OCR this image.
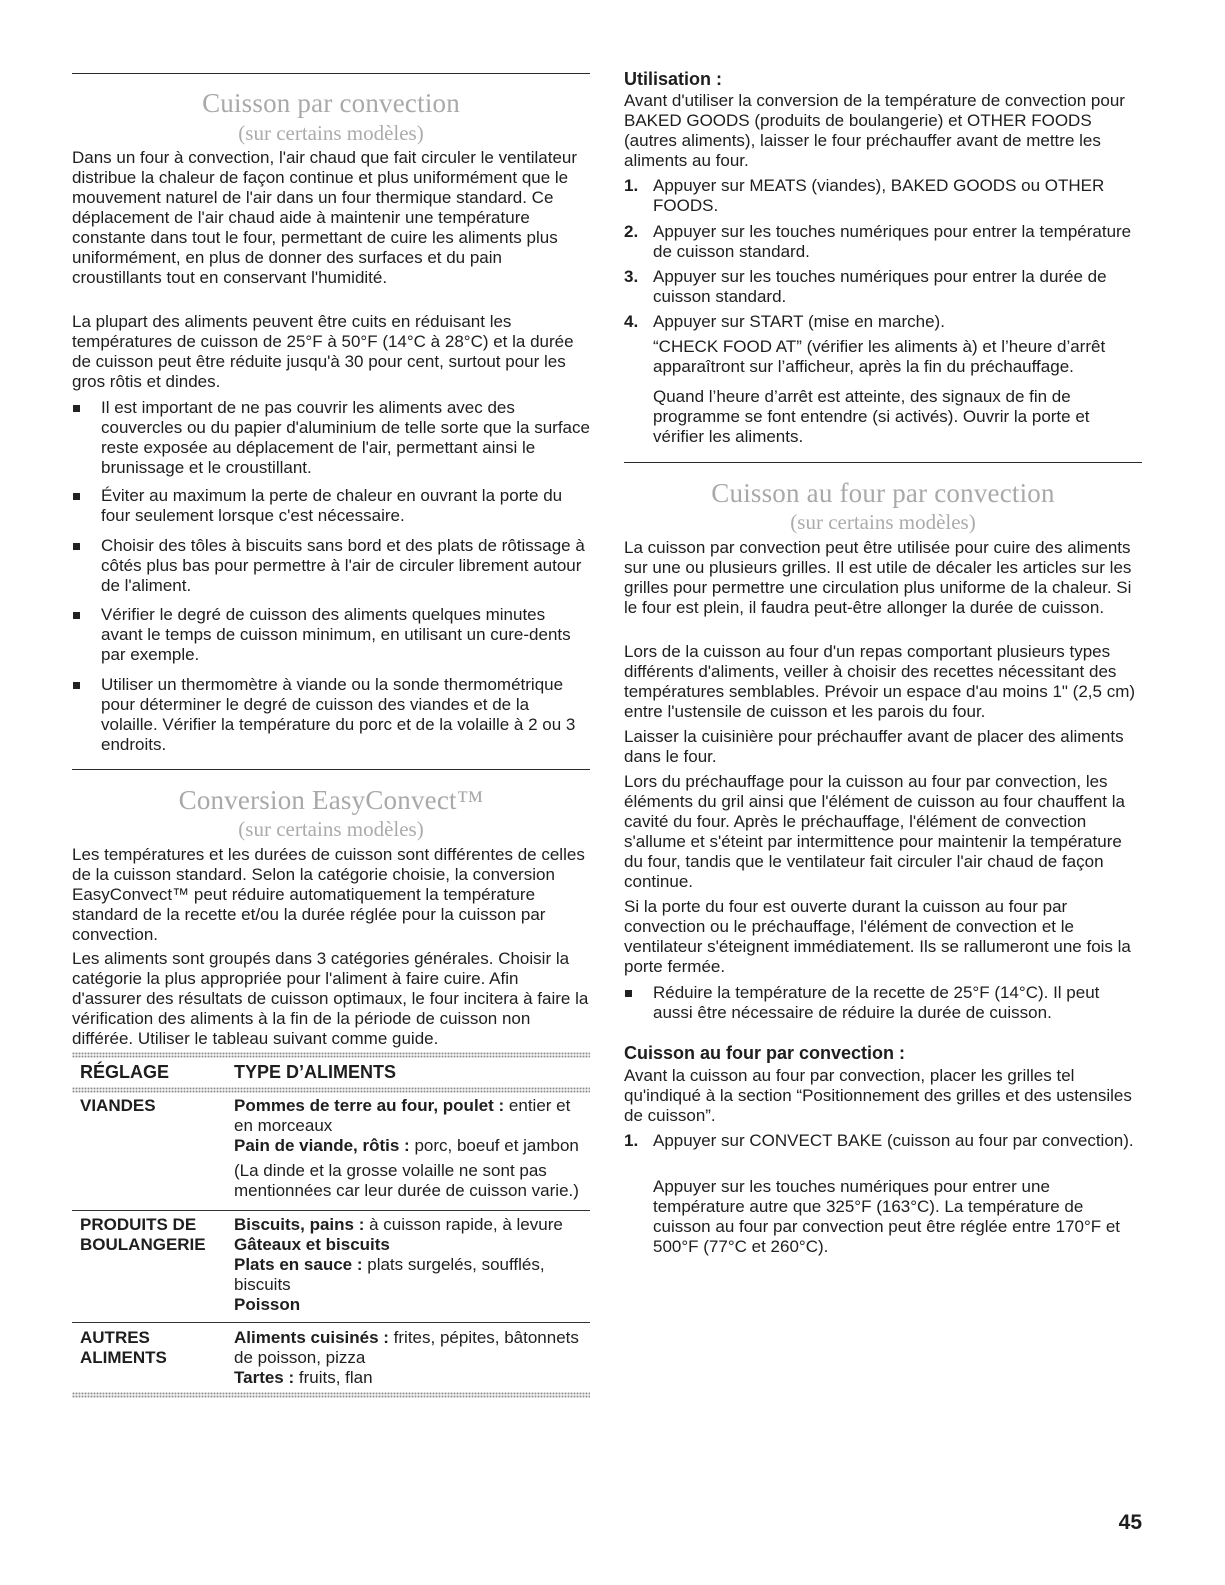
Cuisson par convection
(sur certains modèles)

Dans un four à convection, l'air chaud que fait circuler le ventilateur distribue la chaleur de façon continue et plus uniformément que le mouvement naturel de l'air dans un four thermique standard. Ce déplacement de l'air chaud aide à maintenir une température constante dans tout le four, permettant de cuire les aliments plus uniformément, en plus de donner des surfaces et du pain croustillants tout en conservant l'humidité.

La plupart des aliments peuvent être cuits en réduisant les températures de cuisson de 25°F à 50°F (14°C à 28°C) et la durée de cuisson peut être réduite jusqu'à 30 pour cent, surtout pour les gros rôtis et dindes.

Il est important de ne pas couvrir les aliments avec des couvercles ou du papier d'aluminium de telle sorte que la surface reste exposée au déplacement de l'air, permettant ainsi le brunissage et le croustillant.
Éviter au maximum la perte de chaleur en ouvrant la porte du four seulement lorsque c'est nécessaire.
Choisir des tôles à biscuits sans bord et des plats de rôtissage à côtés plus bas pour permettre à l'air de circuler librement autour de l'aliment.
Vérifier le degré de cuisson des aliments quelques minutes avant le temps de cuisson minimum, en utilisant un cure-dents par exemple.
Utiliser un thermomètre à viande ou la sonde thermométrique pour déterminer le degré de cuisson des viandes et de la volaille. Vérifier la température du porc et de la volaille à 2 ou 3 endroits.
Conversion EasyConvect™
(sur certains modèles)

Les températures et les durées de cuisson sont différentes de celles de la cuisson standard. Selon la catégorie choisie, la conversion EasyConvect™ peut réduire automatiquement la température standard de la recette et/ou la durée réglée pour la cuisson par convection.

Les aliments sont groupés dans 3 catégories générales. Choisir la catégorie la plus appropriée pour l'aliment à faire cuire. Afin d'assurer des résultats de cuisson optimaux, le four incitera à faire la vérification des aliments à la fin de la période de cuisson non différée. Utiliser le tableau suivant comme guide.

RÉGLAGE	TYPE D’ALIMENTS
VIANDES	Pommes de terre au four, poulet : entier et en morceaux
Pain de viande, rôtis : porc, boeuf et jambon
(La dinde et la grosse volaille ne sont pas mentionnées car leur durée de cuisson varie.)
PRODUITS DE BOULANGERIE
Biscuits, pains : à cuisson rapide, à levure
Gâteaux et biscuits
Plats en sauce : plats surgelés, soufflés, biscuits
Poisson
AUTRES ALIMENTS
Aliments cuisinés : frites, pépites, bâtonnets de poisson, pizza
Tartes : fruits, flan
Utilisation :

Avant d'utiliser la conversion de la température de convection pour BAKED GOODS (produits de boulangerie) et OTHER FOODS (autres aliments), laisser le four préchauffer avant de mettre les aliments au four.

1. Appuyer sur MEATS (viandes), BAKED GOODS ou OTHER FOODS.
2. Appuyer sur les touches numériques pour entrer la température de cuisson standard.
3. Appuyer sur les touches numériques pour entrer la durée de cuisson standard.
4. Appuyer sur START (mise en marche).

“CHECK FOOD AT” (vérifier les aliments à) et l’heure d’arrêt apparaîtront sur l’afficheur, après la fin du préchauffage.

Quand l’heure d’arrêt est atteinte, des signaux de fin de programme se font entendre (si activés). Ouvrir la porte et vérifier les aliments.

Cuisson au four par convection
(sur certains modèles)

La cuisson par convection peut être utilisée pour cuire des aliments sur une ou plusieurs grilles. Il est utile de décaler les articles sur les grilles pour permettre une circulation plus uniforme de la chaleur. Si le four est plein, il faudra peut-être allonger la durée de cuisson.

Lors de la cuisson au four d'un repas comportant plusieurs types différents d'aliments, veiller à choisir des recettes nécessitant des températures semblables. Prévoir un espace d'au moins 1" (2,5 cm) entre l'ustensile de cuisson et les parois du four.

Laisser la cuisinière pour préchauffer avant de placer des aliments dans le four.

Lors du préchauffage pour la cuisson au four par convection, les éléments du gril ainsi que l'élément de cuisson au four chauffent la cavité du four. Après le préchauffage, l'élément de convection s'allume et s'éteint par intermittence pour maintenir la température du four, tandis que le ventilateur fait circuler l'air chaud de façon continue.

Si la porte du four est ouverte durant la cuisson au four par convection ou le préchauffage, l'élément de convection et le ventilateur s'éteignent immédiatement. Ils se rallumeront une fois la porte fermée.

Réduire la température de la recette de 25°F (14°C). Il peut aussi être nécessaire de réduire la durée de cuisson.
Cuisson au four par convection :

Avant la cuisson au four par convection, placer les grilles tel qu'indiqué à la section “Positionnement des grilles et des ustensiles de cuisson”.

1. Appuyer sur CONVECT BAKE (cuisson au four par convection).

Appuyer sur les touches numériques pour entrer une température autre que 325°F (163°C). La température de cuisson au four par convection peut être réglée entre 170°F et 500°F (77°C et 260°C).

45
